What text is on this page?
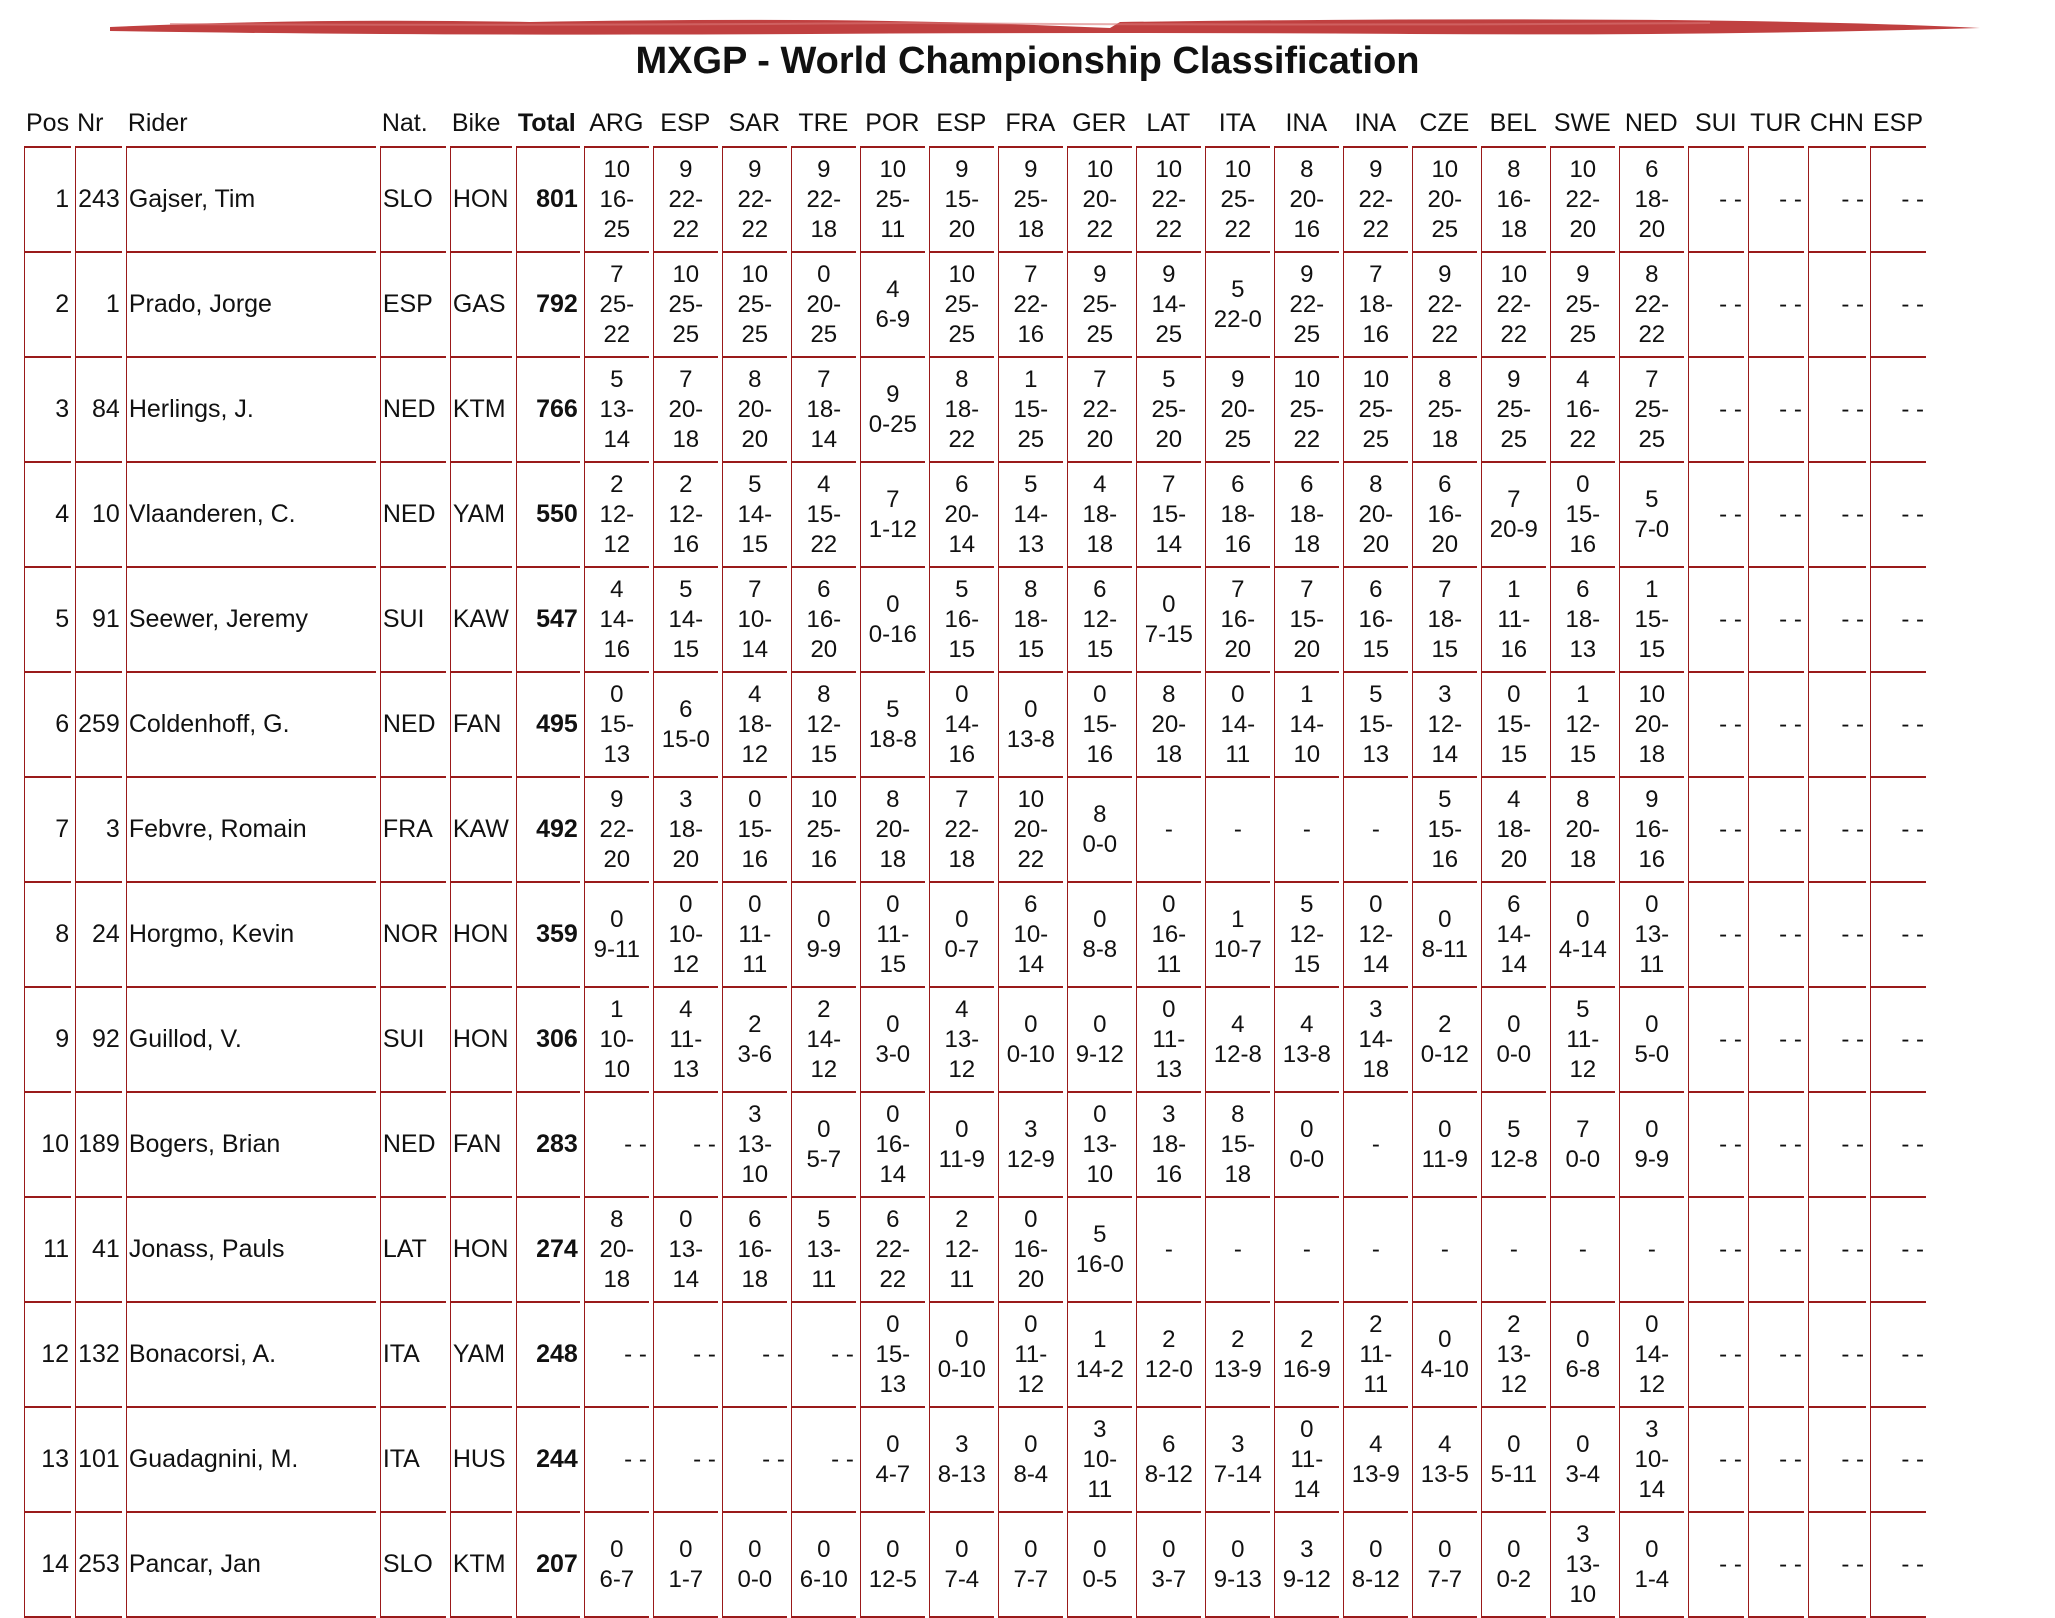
MXGP - World Championship Classification
Pos	Nr	Rider	Nat.	Bike	Total	ARG	ESP	SAR	TRE	POR	ESP	FRA	GER	LAT	ITA	INA	INA	CZE	BEL	SWE	NED	SUI	TUR	CHN	ESP
1	243	Gajser, Tim	SLO	HON	801	10
16-
25	9
22-
22	9
22-
22	9
22-
18	10
25-
11	9
15-
20	9
25-
18	10
20-
22	10
22-
22	10
25-
22	8
20-
16	9
22-
22	10
20-
25	8
16-
18	10
22-
20	6
18-
20	- -	- -	- -	- -

2	1	Prado, Jorge	ESP	GAS	792	7
25-
22	10
25-
25	10
25-
25	0
20-
25	4
6-9	10
25-
25	7
22-
16	9
25-
25	9
14-
25	5
22-0	9
22-
25	7
18-
16	9
22-
22	10
22-
22	9
25-
25	8
22-
22	- -	- -	- -	- -

3	84	Herlings, J.	NED	KTM	766	5
13-
14	7
20-
18	8
20-
20	7
18-
14	9
0-25	8
18-
22	1
15-
25	7
22-
20	5
25-
20	9
20-
25	10
25-
22	10
25-
25	8
25-
18	9
25-
25	4
16-
22	7
25-
25	- -	- -	- -	- -

4	10	Vlaanderen, C.	NED	YAM	550	2
12-
12	2
12-
16	5
14-
15	4
15-
22	7
1-12	6
20-
14	5
14-
13	4
18-
18	7
15-
14	6
18-
16	6
18-
18	8
20-
20	6
16-
20	7
20-9	0
15-
16	5
7-0	- -	- -	- -	- -

5	91	Seewer, Jeremy	SUI	KAW	547	4
14-
16	5
14-
15	7
10-
14	6
16-
20	0
0-16	5
16-
15	8
18-
15	6
12-
15	0
7-15	7
16-
20	7
15-
20	6
16-
15	7
18-
15	1
11-
16	6
18-
13	1
15-
15	- -	- -	- -	- -

6	259	Coldenhoff, G.	NED	FAN	495	0
15-
13	6
15-0	4
18-
12	8
12-
15	5
18-8	0
14-
16	0
13-8	0
15-
16	8
20-
18	0
14-
11	1
14-
10	5
15-
13	3
12-
14	0
15-
15	1
12-
15	10
20-
18	- -	- -	- -	- -

7	3	Febvre, Romain	FRA	KAW	492	9
22-
20	3
18-
20	0
15-
16	10
25-
16	8
20-
18	7
22-
18	10
20-
22	8
0-0	-	-	-	-	5
15-
16	4
18-
20	8
20-
18	9
16-
16	- -	- -	- -	- -

8	24	Horgmo, Kevin	NOR	HON	359	0
9-11	0
10-
12	0
11-
11	0
9-9	0
11-
15	0
0-7	6
10-
14	0
8-8	0
16-
11	1
10-7	5
12-
15	0
12-
14	0
8-11	6
14-
14	0
4-14	0
13-
11	- -	- -	- -	- -

9	92	Guillod, V.	SUI	HON	306	1
10-
10	4
11-
13	2
3-6	2
14-
12	0
3-0	4
13-
12	0
0-10	0
9-12	0
11-
13	4
12-8	4
13-8	3
14-
18	2
0-12	0
0-0	5
11-
12	0
5-0	- -	- -	- -	- -

10	189	Bogers, Brian	NED	FAN	283	- -	- -	3
13-
10	0
5-7	0
16-
14	0
11-9	3
12-9	0
13-
10	3
18-
16	8
15-
18	0
0-0	-	0
11-9	5
12-8	7
0-0	0
9-9	- -	- -	- -	- -

11	41	Jonass, Pauls	LAT	HON	274	8
20-
18	0
13-
14	6
16-
18	5
13-
11	6
22-
22	2
12-
11	0
16-
20	5
16-0	-	-	-	-	-	-	-	-	- -	- -	- -	- -

12	132	Bonacorsi, A.	ITA	YAM	248	- -	- -	- -	- -	0
15-
13	0
0-10	0
11-
12	1
14-2	2
12-0	2
13-9	2
16-9	2
11-
11	0
4-10	2
13-
12	0
6-8	0
14-
12	- -	- -	- -	- -

13	101	Guadagnini, M.	ITA	HUS	244	- -	- -	- -	- -	0
4-7	3
8-13	0
8-4	3
10-
11	6
8-12	3
7-14	0
11-
14	4
13-9	4
13-5	0
5-11	0
3-4	3
10-
14	- -	- -	- -	- -

14	253	Pancar, Jan	SLO	KTM	207	0
6-7	0
1-7	0
0-0	0
6-10	0
12-5	0
7-4	0
7-7	0
0-5	0
3-7	0
9-13	3
9-12	0
8-12	0
7-7	0
0-2	3
13-
10	0
1-4	- -	- -	- -	- -
